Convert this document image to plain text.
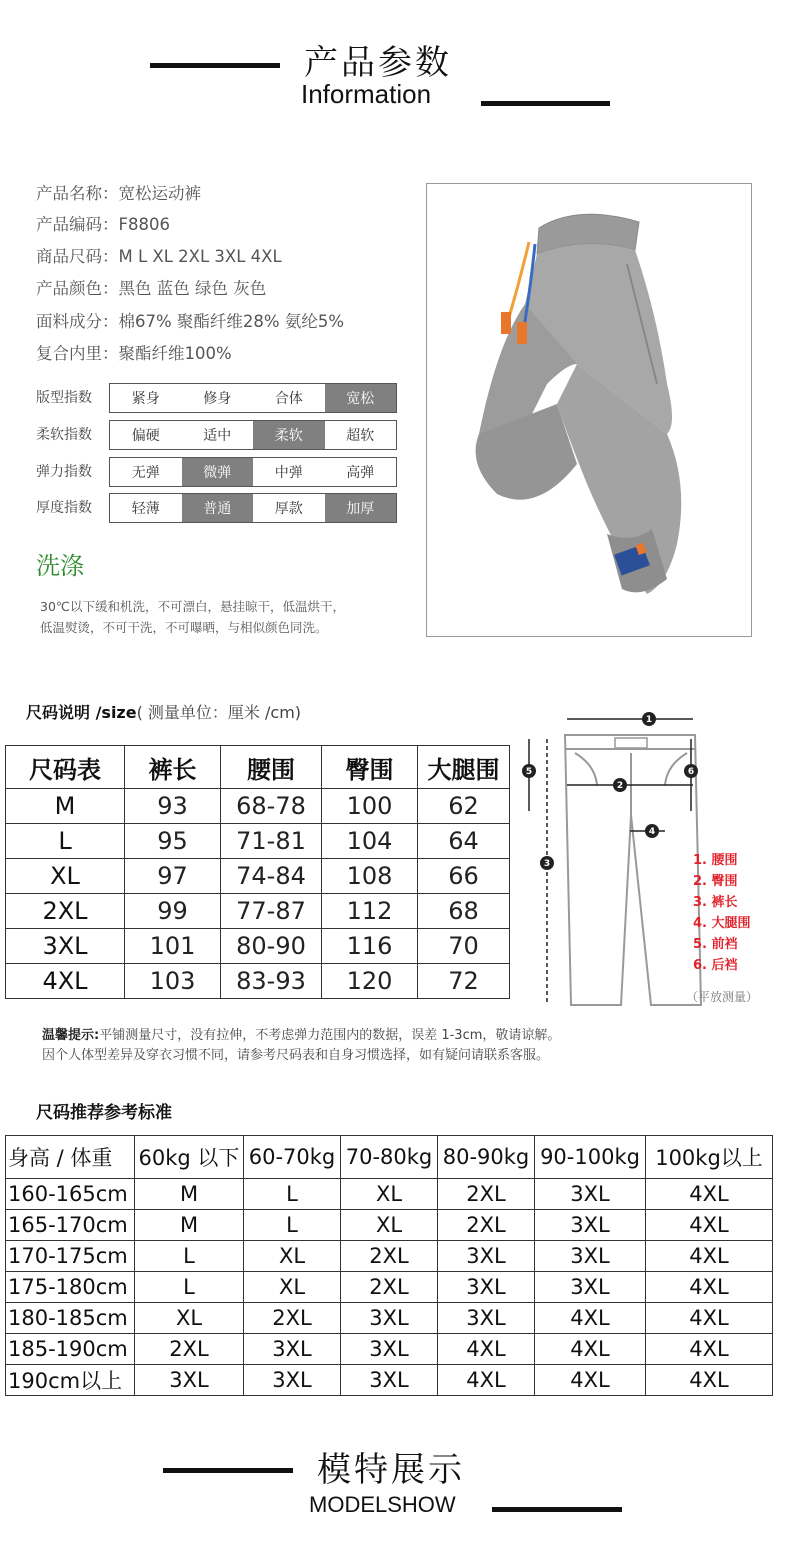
产品参数
Information
产品名称：宽松运动裤
产品编码：F8806
商品尺码：M L XL 2XL 3XL 4XL
产品颜色：黑色 蓝色 绿色 灰色
面料成分：棉67% 聚酯纤维28% 氨纶5%
复合内里：聚酯纤维100%
版型指数	紧身	修身	合体	宽松
柔软指数	偏硬	适中	柔软	超软
弹力指数	无弹	微弹	中弹	高弹
厚度指数	轻薄	普通	厚款	加厚
洗涤
30℃以下缓和机洗，不可漂白，悬挂晾干，低温烘干，
低温熨烫，不可干洗，不可曝晒，与相似颜色同洗。
尺码说明 /size( 测量单位：厘米 /cm)
尺码表	裤长	腰围	臀围	大腿围
M	93	68-78	100	62
L	95	71-81	104	64
XL	97	74-84	108	66
2XL	99	77-87	112	68
3XL	101	80-90	116	70
4XL	103	83-93	120	72
1
2
3
4
5	6
1. 腰围
2. 臀围
3. 裤长
4. 大腿围
5. 前裆
6. 后裆
（平放测量）
温馨提示:平铺测量尺寸，没有拉伸，不考虑弹力范围内的数据，误差 1-3cm，敬请谅解。
因个人体型差异及穿衣习惯不同，请参考尺码表和自身习惯选择，如有疑问请联系客服。
尺码推荐参考标准
身高 / 体重	60kg 以下	60-70kg	70-80kg	80-90kg	90-100kg	100kg以上
160-165cm	M	L	XL	2XL	3XL	4XL
165-170cm	M	L	XL	2XL	3XL	4XL
170-175cm	L	XL	2XL	3XL	3XL	4XL
175-180cm	L	XL	2XL	3XL	3XL	4XL
180-185cm	XL	2XL	3XL	3XL	4XL	4XL
185-190cm	2XL	3XL	3XL	4XL	4XL	4XL
190cm以上	3XL	3XL	3XL	4XL	4XL	4XL
模特展示
MODELSHOW
